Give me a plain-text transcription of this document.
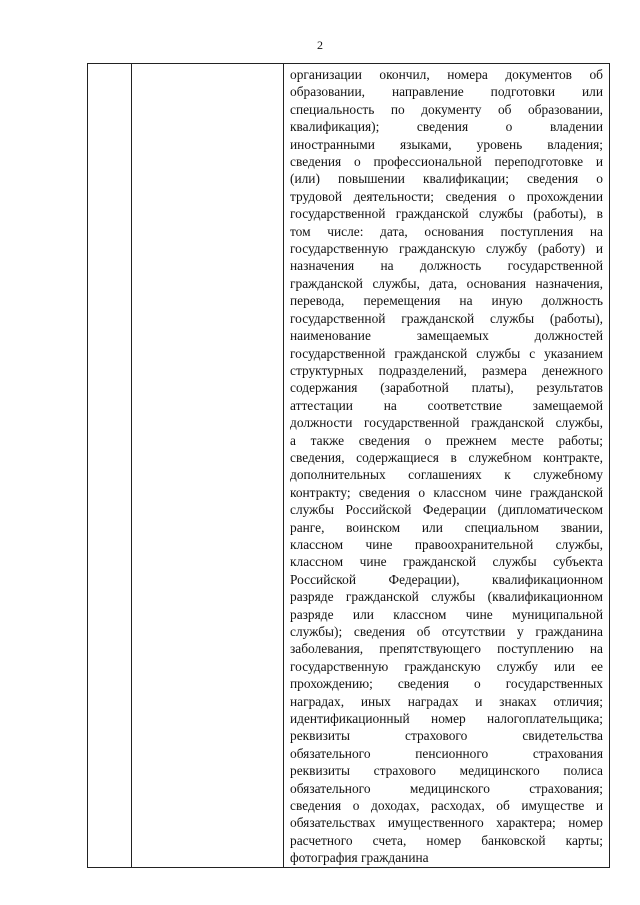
2

организации окончил, номера документов об
образовании, направление подготовки или
специальность по документу об образовании,
квалификация); сведения о владении
иностранными языками, уровень владения;
сведения о профессиональной переподготовке и
(или) повышении квалификации; сведения о
трудовой деятельности; сведения о прохождении
государственной гражданской службы (работы), в
том числе: дата, основания поступления на
государственную гражданскую службу (работу) и
назначения на должность государственной
гражданской службы, дата, основания назначения,
перевода, перемещения на иную должность
государственной гражданской службы (работы),
наименование замещаемых должностей
государственной гражданской службы с указанием
структурных подразделений, размера денежного
содержания (заработной платы), результатов
аттестации на соответствие замещаемой
должности государственной гражданской службы,
а также сведения о прежнем месте работы;
сведения, содержащиеся в служебном контракте,
дополнительных соглашениях к служебному
контракту; сведения о классном чине гражданской
службы Российской Федерации (дипломатическом
ранге, воинском или специальном звании,
классном чине правоохранительной службы,
классном чине гражданской службы субъекта
Российской Федерации), квалификационном
разряде гражданской службы (квалификационном
разряде или классном чине муниципальной
службы); сведения об отсутствии у гражданина
заболевания, препятствующего поступлению на
государственную гражданскую службу или ее
прохождению; сведения о государственных
наградах, иных наградах и знаках отличия;
идентификационный номер налогоплательщика;
реквизиты страхового свидетельства
обязательного пенсионного страхования
реквизиты страхового медицинского полиса
обязательного медицинского страхования;
сведения о доходах, расходах, об имуществе и
обязательствах имущественного характера; номер
расчетного счета, номер банковской карты;
фотография гражданина
